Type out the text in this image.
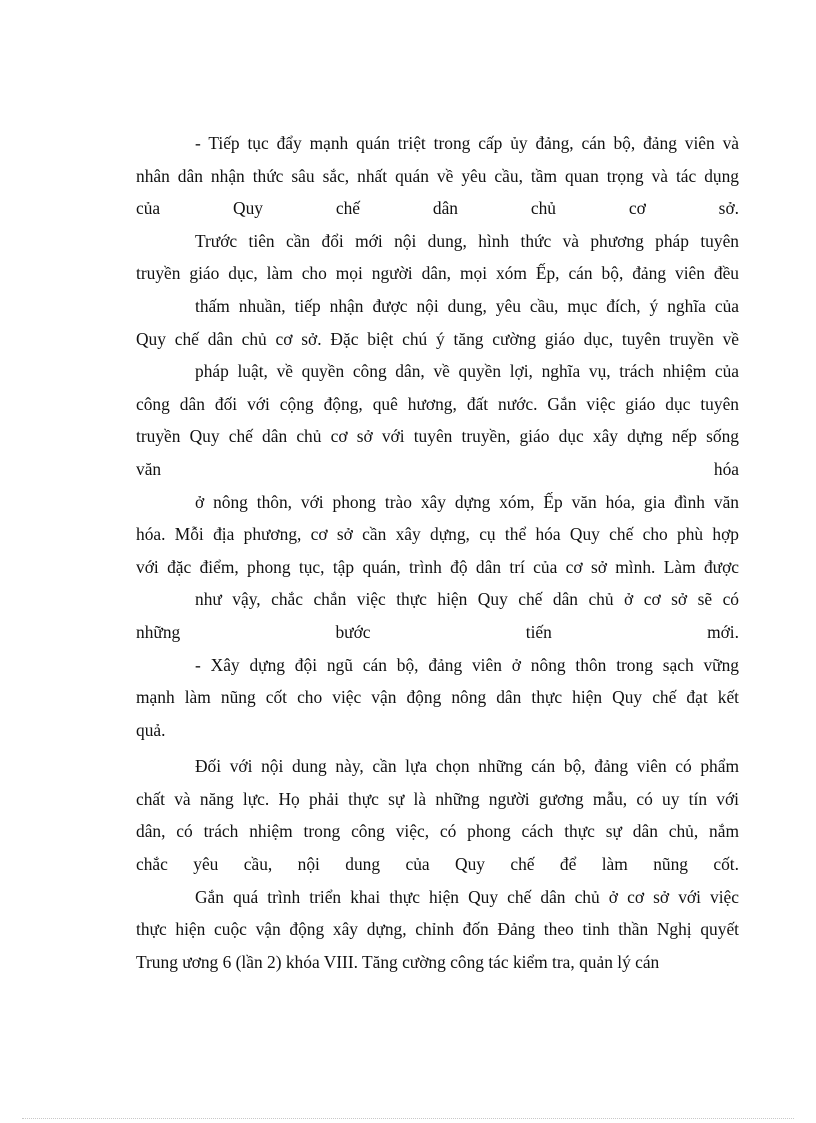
- Tiếp tục đẩy mạnh quán triệt trong cấp ủy đảng, cán bộ, đảng viên và
nhân dân nhận thức sâu sắc, nhất quán về yêu cầu, tầm quan trọng và tác dụng
của Quy chế dân chủ cơ sở.
Trước tiên cần đổi mới nội dung, hình thức và phương pháp tuyên
truyền giáo dục, làm cho mọi người dân, mọi xóm Ếp, cán bộ, đảng viên đều
thấm nhuần, tiếp nhận được nội dung, yêu cầu, mục đích, ý nghĩa của
Quy chế dân chủ cơ sở. Đặc biệt chú ý tăng cường giáo dục, tuyên truyền về
pháp luật, về quyền công dân, về quyền lợi, nghĩa vụ, trách nhiệm của
công dân đối với cộng động, quê hương, đất nước. Gắn việc giáo dục tuyên
truyền Quy chế dân chủ cơ sở với tuyên truyền, giáo dục xây dựng nếp sống
văn hóa
ở nông thôn, với phong trào xây dựng xóm, Ếp văn hóa, gia đình văn
hóa. Mỗi địa phương, cơ sở cần xây dựng, cụ thể hóa Quy chế cho phù hợp
với đặc điểm, phong tục, tập quán, trình độ dân trí của cơ sở mình. Làm được
như vậy, chắc chắn việc thực hiện Quy chế dân chủ ở cơ sở sẽ có
những bước tiến mới.
- Xây dựng đội ngũ cán bộ, đảng viên ở nông thôn trong sạch vững
mạnh làm nũng cốt cho việc vận động nông dân thực hiện Quy chế đạt kết
quả.
Đối với nội dung này, cần lựa chọn những cán bộ, đảng viên có phẩm
chất và năng lực. Họ phải thực sự là những người gương mẫu, có uy tín với
dân, có trách nhiệm trong công việc, có phong cách thực sự dân chủ, nắm
chắc yêu cầu, nội dung của Quy chế để làm nũng cốt.
Gắn quá trình triển khai thực hiện Quy chế dân chủ ở cơ sở với việc
thực hiện cuộc vận động xây dựng, chỉnh đốn Đảng theo tinh thần Nghị quyết
Trung ương 6 (lần 2) khóa VIII. Tăng cường công tác kiểm tra, quản lý cán
